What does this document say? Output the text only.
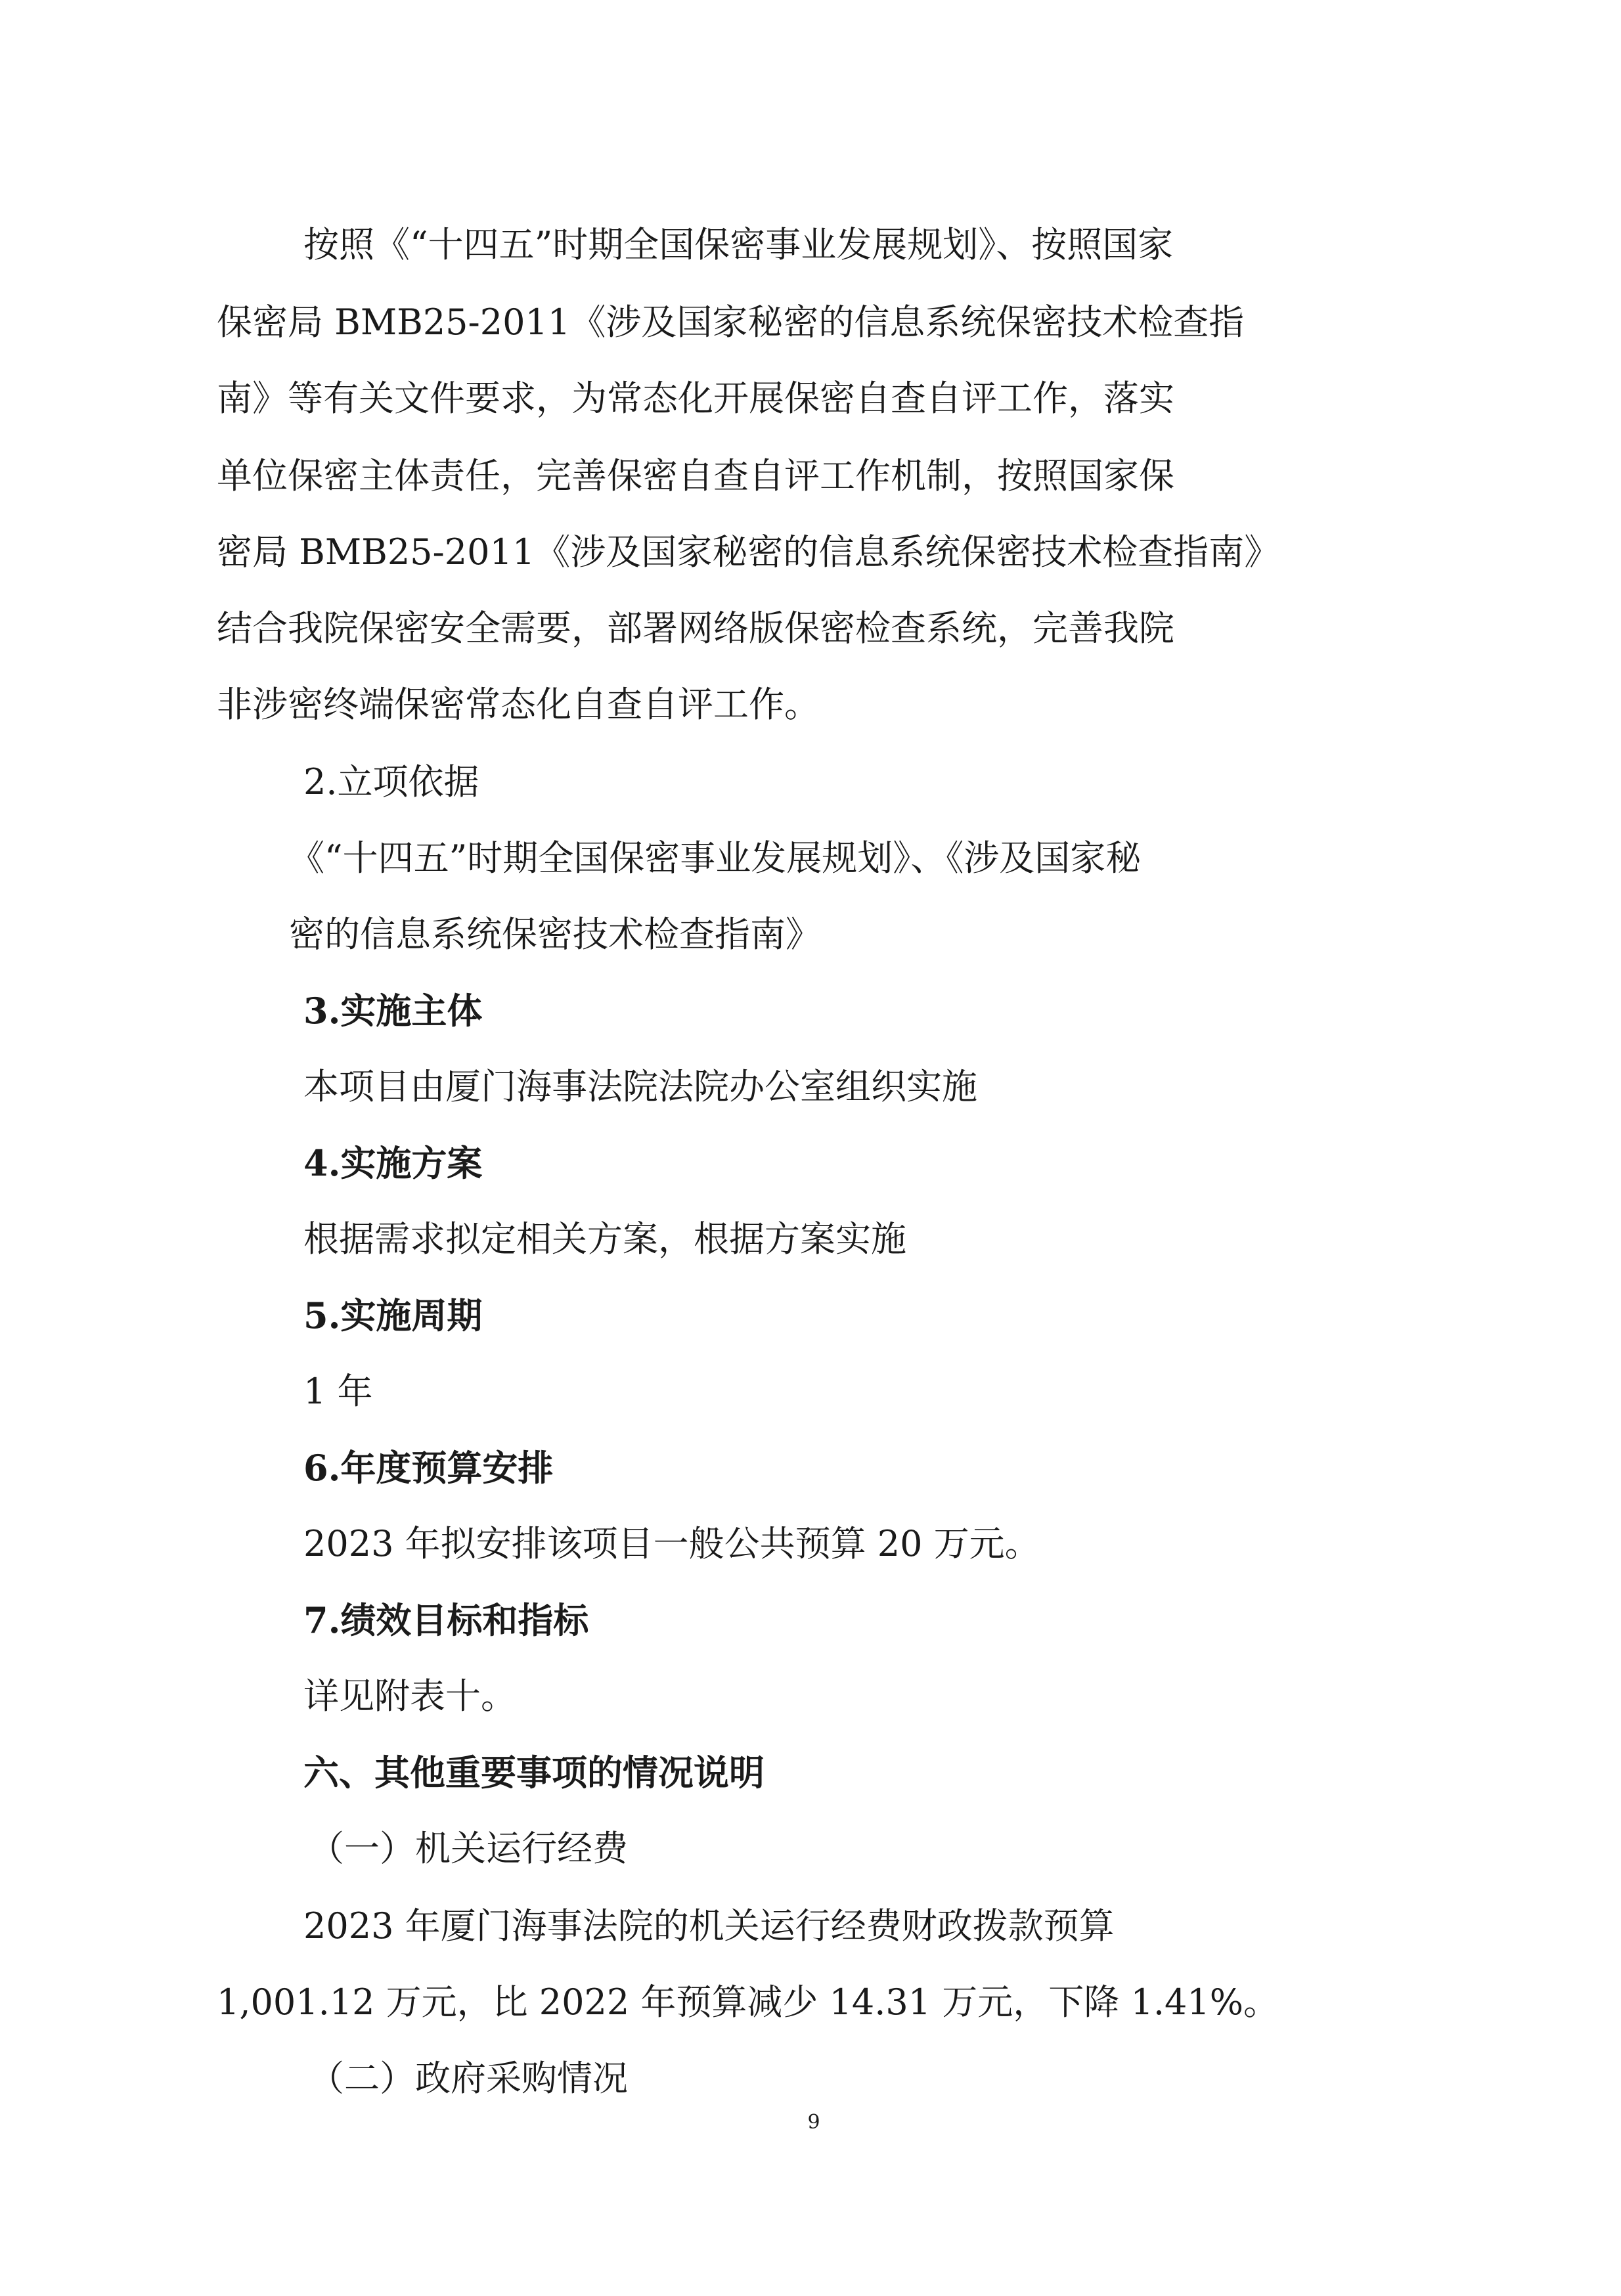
按照《“十四五”时期全国保密事业发展规划》、按照国家
保密局 BMB25-2011《涉及国家秘密的信息系统保密技术检查指
南》等有关文件要求，为常态化开展保密自查自评工作，落实
单位保密主体责任，完善保密自查自评工作机制，按照国家保
密局 BMB25-2011《涉及国家秘密的信息系统保密技术检查指南》
结合我院保密安全需要，部署网络版保密检查系统，完善我院
非涉密终端保密常态化自查自评工作。
2.立项依据
《“十四五”时期全国保密事业发展规划》、《涉及国家秘
密的信息系统保密技术检查指南》
3.实施主体
本项目由厦门海事法院法院办公室组织实施
4.实施方案
根据需求拟定相关方案，根据方案实施
5.实施周期
1 年
6.年度预算安排
2023 年拟安排该项目一般公共预算 20 万元。
7.绩效目标和指标
详见附表十。
六、其他重要事项的情况说明
（一）机关运行经费
2023 年厦门海事法院的机关运行经费财政拨款预算
1,001.12 万元，比 2022 年预算减少 14.31 万元，下降 1.41%。
（二）政府采购情况
9
